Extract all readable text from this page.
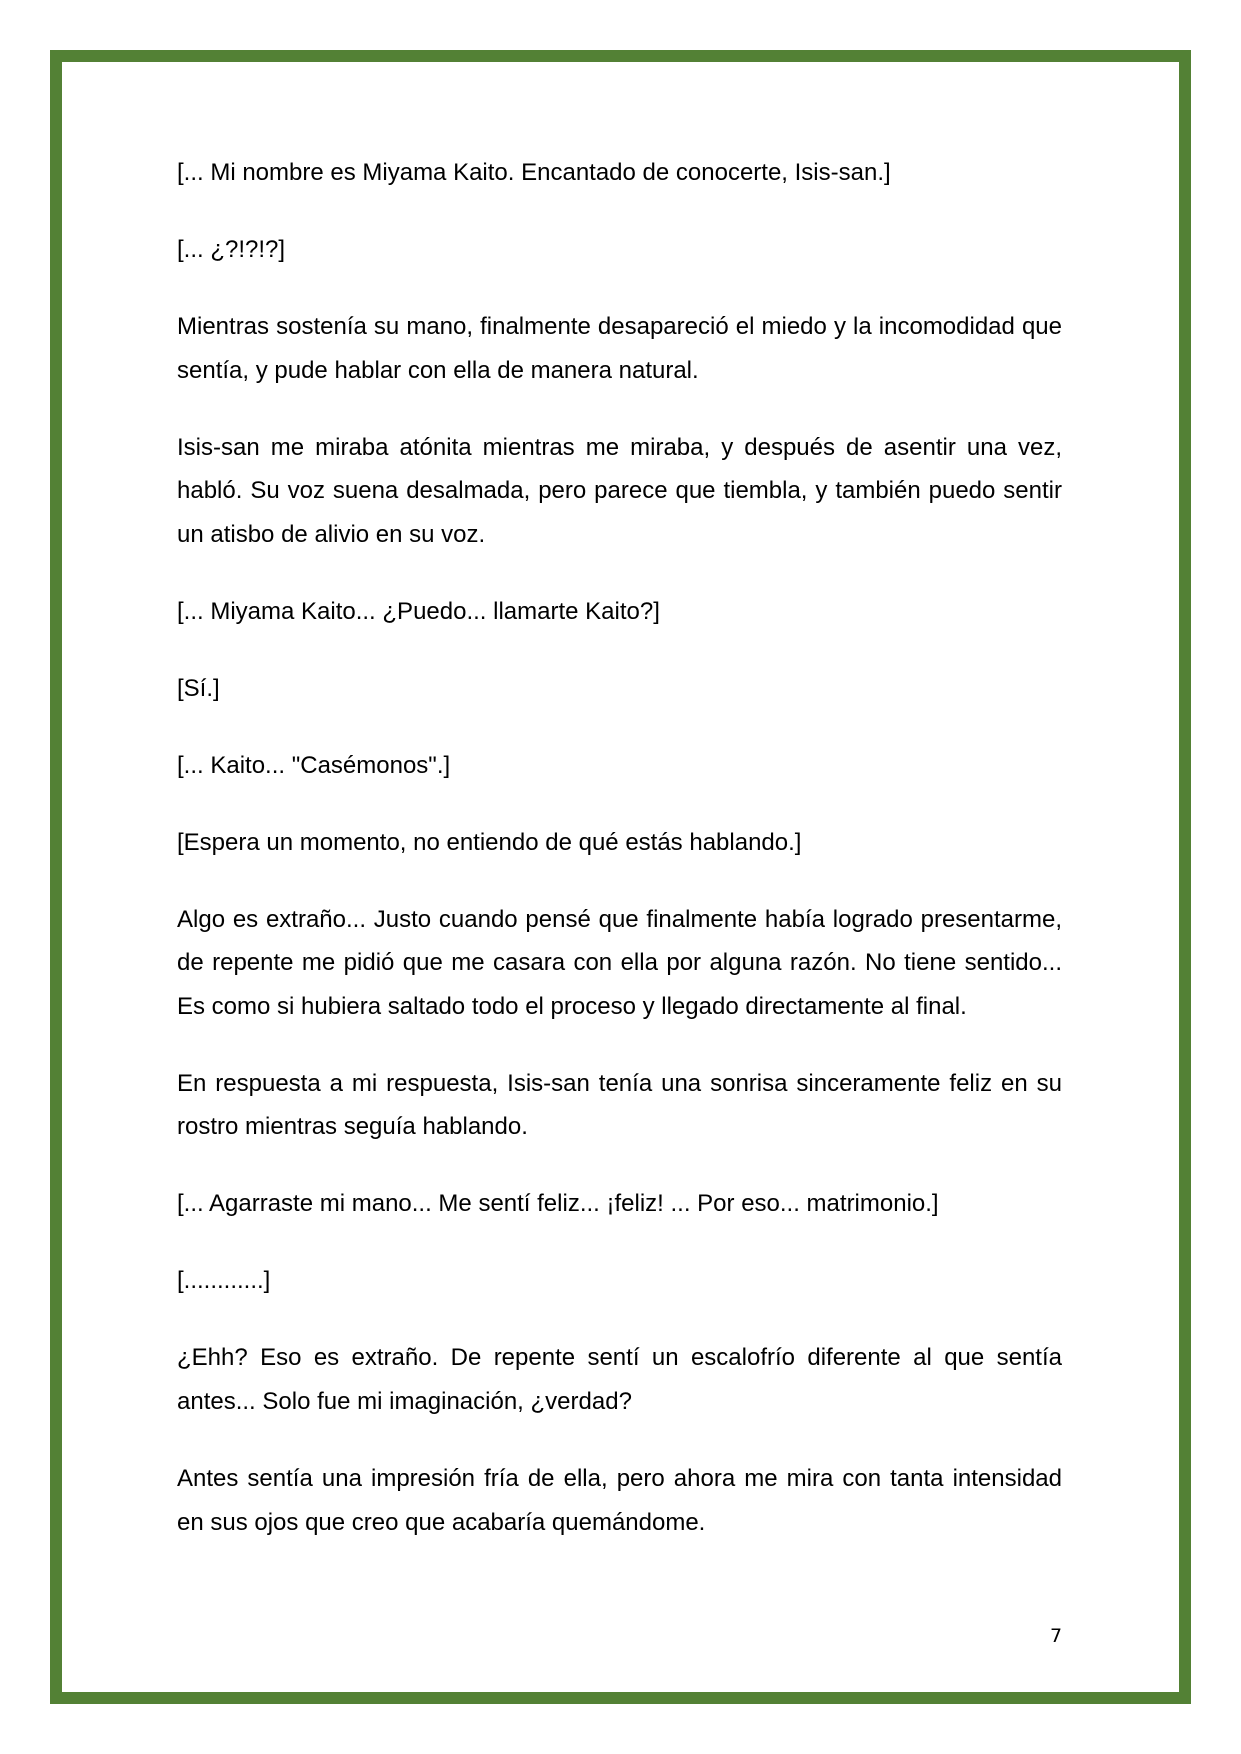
[... Mi nombre es Miyama Kaito. Encantado de conocerte, Isis-san.]

[... ¿?!?!?]

Mientras sostenía su mano, finalmente desapareció el miedo y la incomodidad que sentía, y pude hablar con ella de manera natural.

Isis-san me miraba atónita mientras me miraba, y después de asentir una vez, habló. Su voz suena desalmada, pero parece que tiembla, y también puedo sentir un atisbo de alivio en su voz.

[... Miyama Kaito... ¿Puedo... llamarte Kaito?]

[Sí.]

[... Kaito... "Casémonos".]

[Espera un momento, no entiendo de qué estás hablando.]

Algo es extraño... Justo cuando pensé que finalmente había logrado presentarme, de repente me pidió que me casara con ella por alguna razón. No tiene sentido... Es como si hubiera saltado todo el proceso y llegado directamente al final.

En respuesta a mi respuesta, Isis-san tenía una sonrisa sinceramente feliz en su rostro mientras seguía hablando.

[... Agarraste mi mano... Me sentí feliz... ¡feliz! ... Por eso... matrimonio.]

[............]

¿Ehh? Eso es extraño. De repente sentí un escalofrío diferente al que sentía antes... Solo fue mi imaginación, ¿verdad?

Antes sentía una impresión fría de ella, pero ahora me mira con tanta intensidad en sus ojos que creo que acabaría quemándome.

7
